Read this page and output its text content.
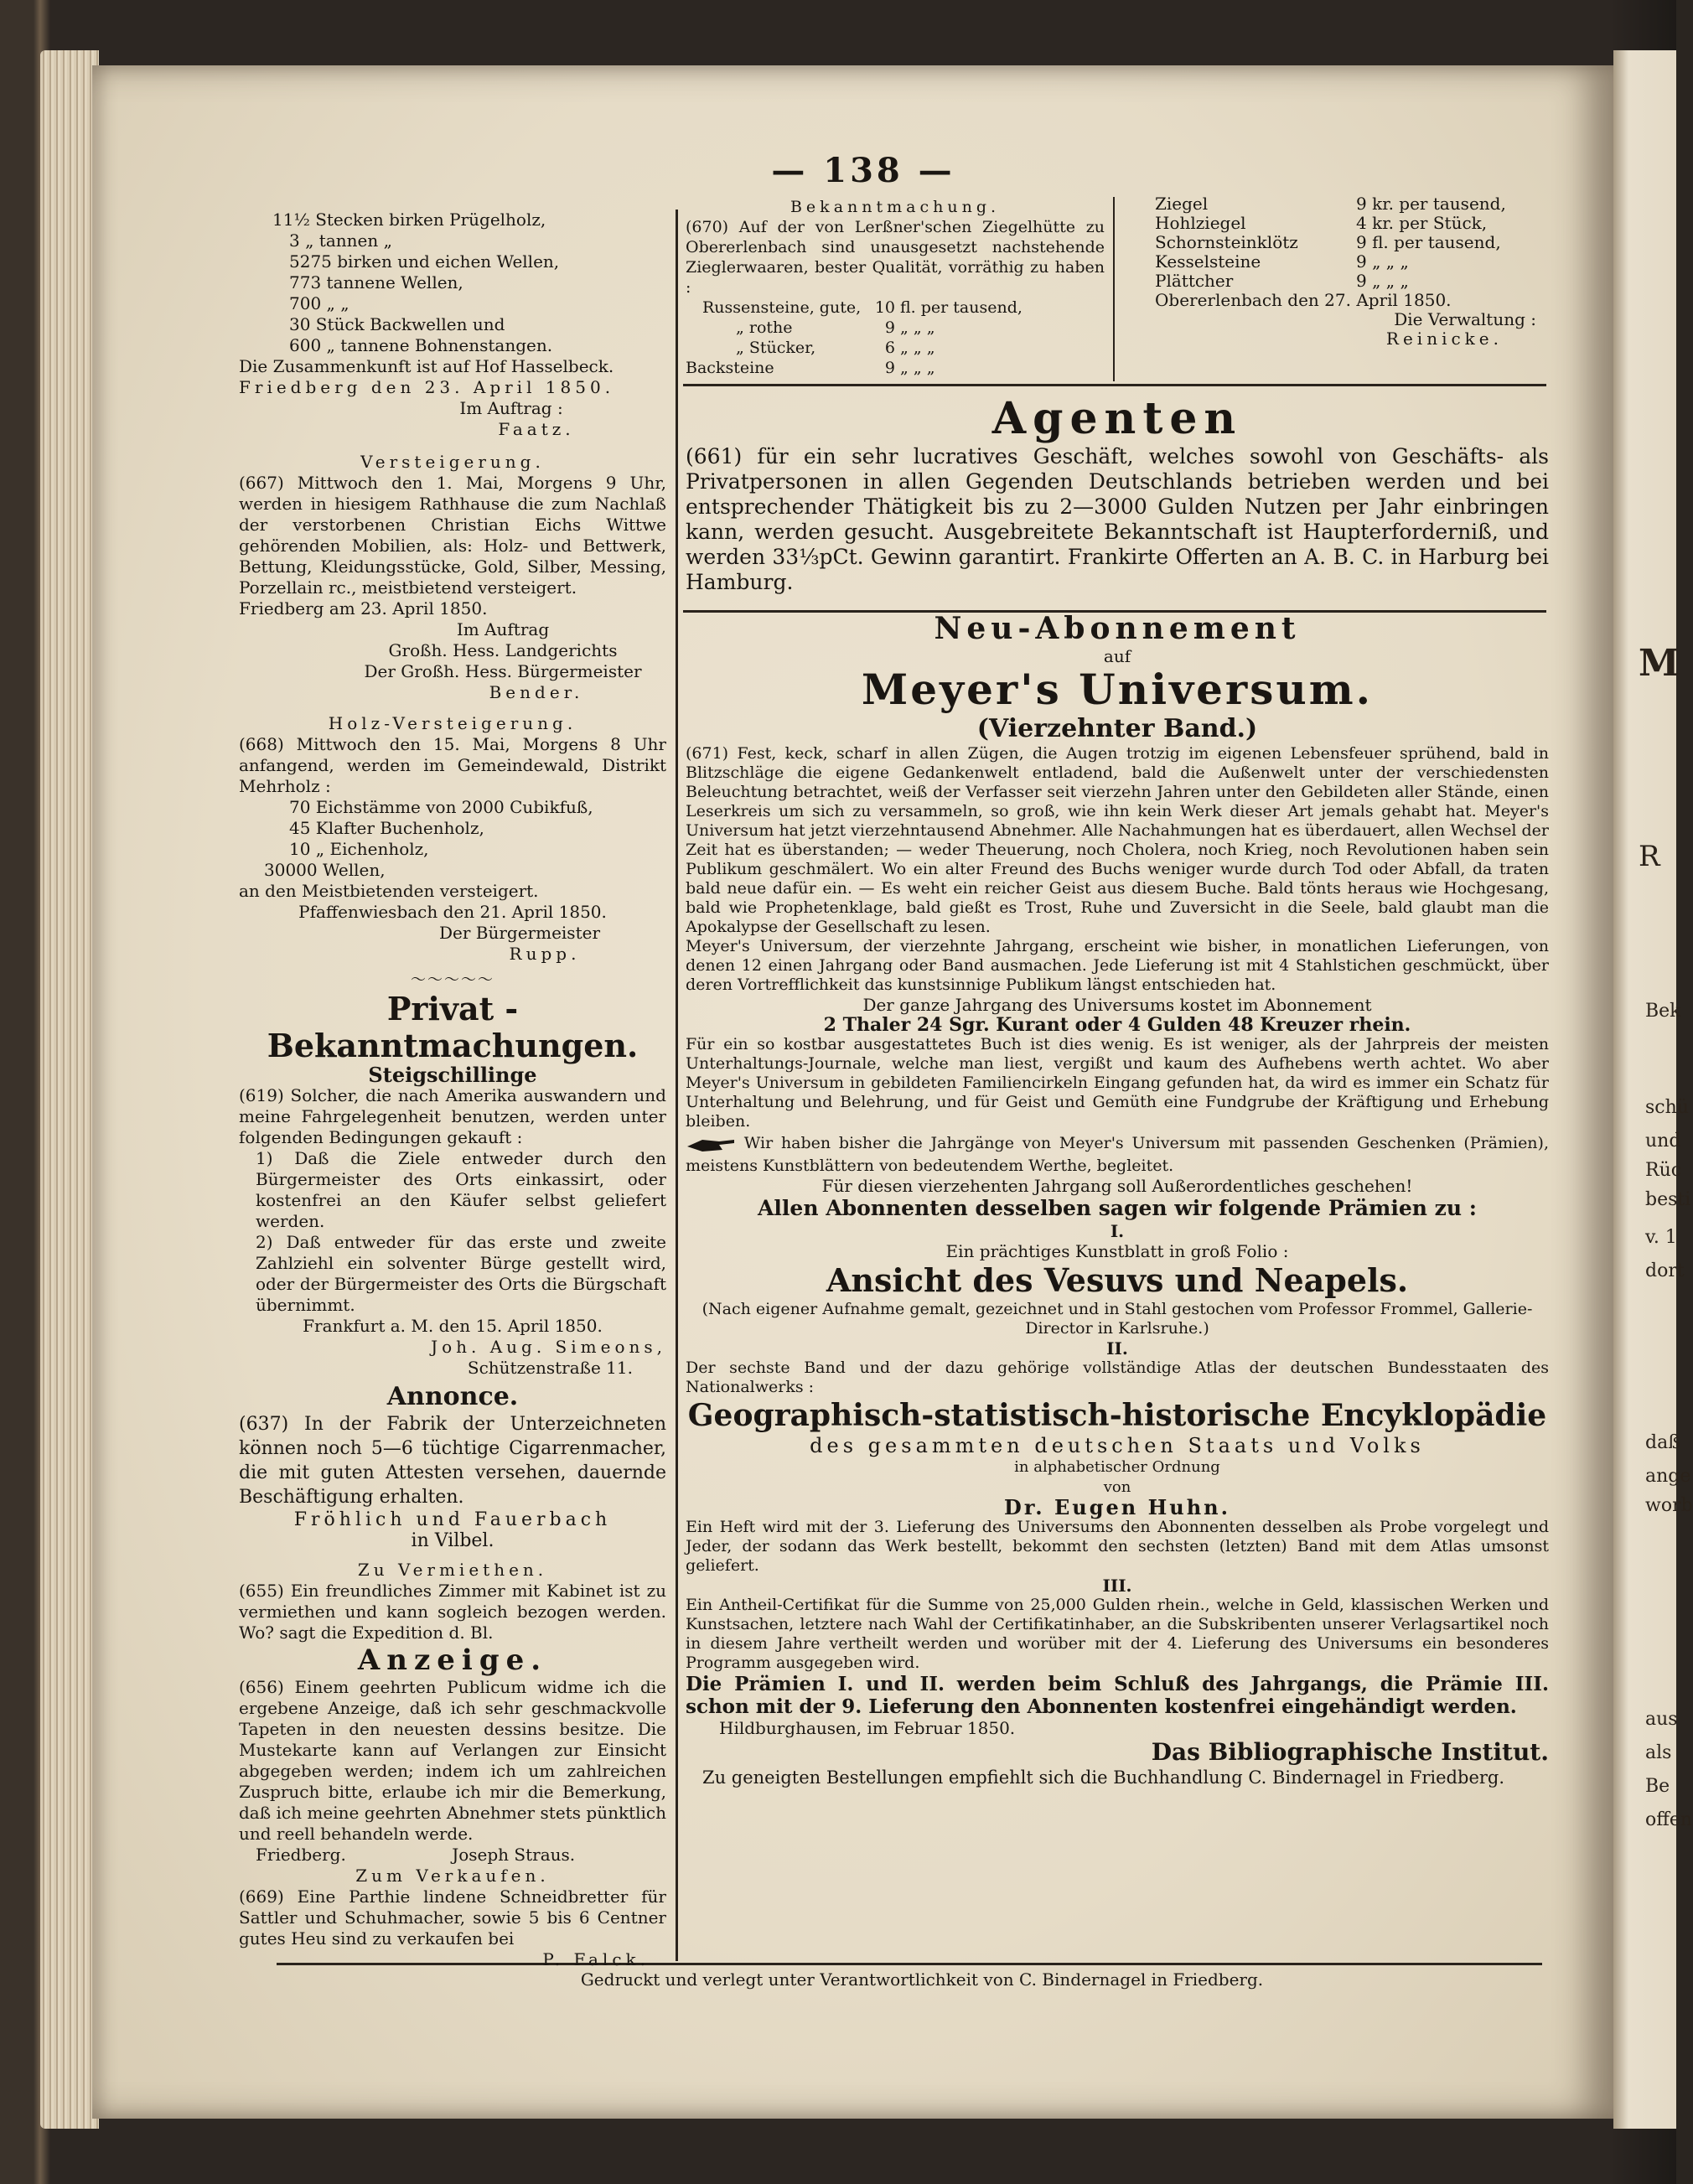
M
R
Bek
schü
und
Rüc
besti
v. 1
dort
daß
ange
worb
aus
als
Be
offen
— 138 —
11½ Stecken birken Prügelholz,
3 „ tannen „
5275 birken und eichen Wellen,
773 tannene Wellen,
700 „ „
30 Stück Backwellen und
600 „ tannene Bohnenstangen.
Die Zusammenkunft ist auf Hof Hasselbeck.
Friedberg den 23. April 1850.
Im Auftrag :
Faatz.
Versteigerung.
(667) Mittwoch den 1. Mai, Morgens 9 Uhr, werden in hiesigem Rathhause die zum Nachlaß der verstorbenen Christian Eichs Wittwe gehörenden Mobilien, als: Holz- und Bettwerk, Bettung, Kleidungsstücke, Gold, Silber, Messing, Porzellain rc., meistbietend versteigert.
Friedberg am 23. April 1850.
Im Auftrag
Großh. Hess. Landgerichts
Der Großh. Hess. Bürgermeister
Bender.
Holz-Versteigerung.
(668) Mittwoch den 15. Mai, Morgens 8 Uhr anfangend, werden im Gemeindewald, Distrikt Mehrholz :
70 Eichstämme von 2000 Cubikfuß,
45 Klafter Buchenholz,
10 „ Eichenholz,
30000 Wellen,
an den Meistbietenden versteigert.
Pfaffenwiesbach den 21. April 1850.
Der Bürgermeister
Rupp.
～～～～～
Privat - Bekanntmachungen.
Steigschillinge
(619) Solcher, die nach Amerika auswandern und meine Fahrgelegenheit benutzen, werden unter folgenden Bedingungen gekauft :
1) Daß die Ziele entweder durch den Bürgermeister des Orts einkassirt, oder kostenfrei an den Käufer selbst geliefert werden.
2) Daß entweder für das erste und zweite Zahlziehl ein solventer Bürge gestellt wird, oder der Bürgermeister des Orts die Bürgschaft übernimmt.
Frankfurt a. M. den 15. April 1850.
Joh. Aug. Simeons,
Schützenstraße 11.
Annonce.
(637) In der Fabrik der Unterzeichneten können noch 5—6 tüchtige Cigarrenmacher, die mit guten Attesten versehen, dauernde Beschäftigung erhalten.
Fröhlich und Fauerbach
in Vilbel.
Zu Vermiethen.
(655) Ein freundliches Zimmer mit Kabinet ist zu vermiethen und kann sogleich bezogen werden. Wo? sagt die Expedition d. Bl.
Anzeige.
(656) Einem geehrten Publicum widme ich die ergebene Anzeige, daß ich sehr geschmackvolle Tapeten in den neuesten dessins besitze. Die Mustekarte kann auf Verlangen zur Einsicht abgegeben werden; indem ich um zahlreichen Zuspruch bitte, erlaube ich mir die Bemerkung, daß ich meine geehrten Abnehmer stets pünktlich und reell behandeln werde.
Friedberg.	Joseph Straus.
Zum Verkaufen.
(669) Eine Parthie lindene Schneidbretter für Sattler und Schuhmacher, sowie 5 bis 6 Centner gutes Heu sind zu verkaufen bei
P. Falck.
Bekanntmachung.
(670) Auf der von Lerßner'schen Ziegelhütte zu Obererlenbach sind unausgesetzt nachstehende Zieglerwaaren, bester Qualität, vorräthig zu haben :
Russensteine, gute, 10 fl. per tausend,
„ rothe	9 „ „ „
„ Stücker,	6 „ „ „
Backsteine	9 „ „ „
Ziegel	9 kr. per tausend,
Hohlziegel	4 kr. per Stück,
Schornsteinklötz	9 fl. per tausend,
Kesselsteine	9 „ „ „
Plättcher	9 „ „ „
Obererlenbach den 27. April 1850.
Die Verwaltung :
Reinicke.
Agenten
(661) für ein sehr lucratives Geschäft, welches sowohl von Geschäfts- als Privatpersonen in allen Gegenden Deutschlands betrieben werden und bei entsprechender Thätigkeit bis zu 2—3000 Gulden Nutzen per Jahr einbringen kann, werden gesucht. Ausgebreitete Bekanntschaft ist Haupterforderniß, und werden 33⅓pCt. Gewinn garantirt. Frankirte Offerten an A. B. C. in Harburg bei Hamburg.
Neu-Abonnement
auf
Meyer's Universum.
(Vierzehnter Band.)
(671) Fest, keck, scharf in allen Zügen, die Augen trotzig im eigenen Lebensfeuer sprühend, bald in Blitzschläge die eigene Gedankenwelt entladend, bald die Außenwelt unter der verschiedensten Beleuchtung betrachtet, weiß der Verfasser seit vierzehn Jahren unter den Gebildeten aller Stände, einen Leserkreis um sich zu versammeln, so groß, wie ihn kein Werk dieser Art jemals gehabt hat. Meyer's Universum hat jetzt vierzehntausend Abnehmer. Alle Nachahmungen hat es überdauert, allen Wechsel der Zeit hat es überstanden; — weder Theuerung, noch Cholera, noch Krieg, noch Revolutionen haben sein Publikum geschmälert. Wo ein alter Freund des Buchs weniger wurde durch Tod oder Abfall, da traten bald neue dafür ein. — Es weht ein reicher Geist aus diesem Buche. Bald tönts heraus wie Hochgesang, bald wie Prophetenklage, bald gießt es Trost, Ruhe und Zuversicht in die Seele, bald glaubt man die Apokalypse der Gesellschaft zu lesen.
Meyer's Universum, der vierzehnte Jahrgang, erscheint wie bisher, in monatlichen Lieferungen, von denen 12 einen Jahrgang oder Band ausmachen. Jede Lieferung ist mit 4 Stahlstichen geschmückt, über deren Vortrefflichkeit das kunstsinnige Publikum längst entschieden hat.
Der ganze Jahrgang des Universums kostet im Abonnement
2 Thaler 24 Sgr. Kurant oder 4 Gulden 48 Kreuzer rhein.
Für ein so kostbar ausgestattetes Buch ist dies wenig. Es ist weniger, als der Jahrpreis der meisten Unterhaltungs-Journale, welche man liest, vergißt und kaum des Aufhebens werth achtet. Wo aber Meyer's Universum in gebildeten Familiencirkeln Eingang gefunden hat, da wird es immer ein Schatz für Unterhaltung und Belehrung, und für Geist und Gemüth eine Fundgrube der Kräftigung und Erhebung bleiben.
Wir haben bisher die Jahrgänge von Meyer's Universum mit passenden Geschenken (Prämien), meistens Kunstblättern von bedeutendem Werthe, begleitet.
Für diesen vierzehenten Jahrgang soll Außerordentliches geschehen!
Allen Abonnenten desselben sagen wir folgende Prämien zu :
I.
Ein prächtiges Kunstblatt in groß Folio :
Ansicht des Vesuvs und Neapels.
(Nach eigener Aufnahme gemalt, gezeichnet und in Stahl gestochen vom Professor Frommel, Gallerie-Director in Karlsruhe.)
II.
Der sechste Band und der dazu gehörige vollständige Atlas der deutschen Bundesstaaten des Nationalwerks :
Geographisch-statistisch-historische Encyklopädie
des gesammten deutschen Staats und Volks
in alphabetischer Ordnung
von
Dr. Eugen Huhn.
Ein Heft wird mit der 3. Lieferung des Universums den Abonnenten desselben als Probe vorgelegt und Jeder, der sodann das Werk bestellt, bekommt den sechsten (letzten) Band mit dem Atlas umsonst geliefert.
III.
Ein Antheil-Certifikat für die Summe von 25,000 Gulden rhein., welche in Geld, klassischen Werken und Kunstsachen, letztere nach Wahl der Certifikatinhaber, an die Subskribenten unserer Verlagsartikel noch in diesem Jahre vertheilt werden und worüber mit der 4. Lieferung des Universums ein besonderes Programm ausgegeben wird.
Die Prämien I. und II. werden beim Schluß des Jahrgangs, die Prämie III. schon mit der 9. Lieferung den Abonnenten kostenfrei eingehändigt werden.
Hildburghausen, im Februar 1850.
Das Bibliographische Institut.
Zu geneigten Bestellungen empfiehlt sich die Buchhandlung C. Bindernagel in Friedberg.
Gedruckt und verlegt unter Verantwortlichkeit von C. Bindernagel in Friedberg.
